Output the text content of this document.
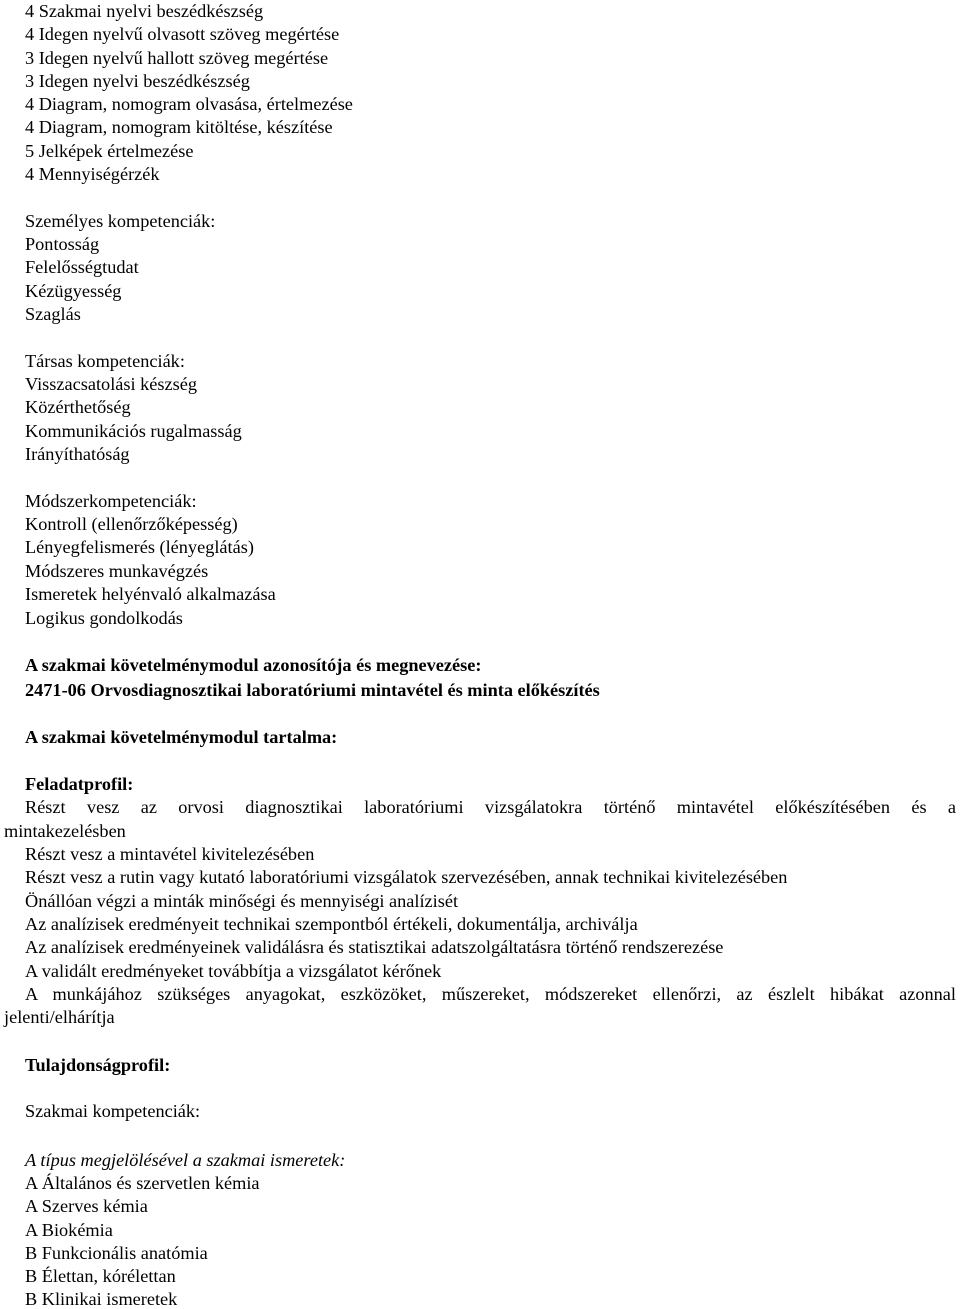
4 Szakmai nyelvi beszédkészség
4 Idegen nyelvű olvasott szöveg megértése
3 Idegen nyelvű hallott szöveg megértése
3 Idegen nyelvi beszédkészség
4 Diagram, nomogram olvasása, értelmezése
4 Diagram, nomogram kitöltése, készítése
5 Jelképek értelmezése
4 Mennyiségérzék
Személyes kompetenciák:
Pontosság
Felelősségtudat
Kézügyesség
Szaglás
Társas kompetenciák:
Visszacsatolási készség
Közérthetőség
Kommunikációs rugalmasság
Irányíthatóság
Módszerkompetenciák:
Kontroll (ellenőrzőképesség)
Lényegfelismerés (lényeglátás)
Módszeres munkavégzés
Ismeretek helyénvaló alkalmazása
Logikus gondolkodás
A szakmai követelménymodul azonosítója és megnevezése:
2471-06 Orvosdiagnosztikai laboratóriumi mintavétel és minta előkészítés
A szakmai követelménymodul tartalma:
Feladatprofil:
Részt vesz az orvosi diagnosztikai laboratóriumi vizsgálatokra történő mintavétel előkészítésében és a
mintakezelésben
Részt vesz a mintavétel kivitelezésében
Részt vesz a rutin vagy kutató laboratóriumi vizsgálatok szervezésében, annak technikai kivitelezésében
Önállóan végzi a minták minőségi és mennyiségi analízisét
Az analízisek eredményeit technikai szempontból értékeli, dokumentálja, archiválja
Az analízisek eredményeinek validálásra és statisztikai adatszolgáltatásra történő rendszerezése
A validált eredményeket továbbítja a vizsgálatot kérőnek
A munkájához szükséges anyagokat, eszközöket, műszereket, módszereket ellenőrzi, az észlelt hibákat azonnal
jelenti/elhárítja
Tulajdonságprofil:
Szakmai kompetenciák:
A típus megjelölésével a szakmai ismeretek:
A Általános és szervetlen kémia
A Szerves kémia
A Biokémia
B Funkcionális anatómia
B Élettan, kórélettan
B Klinikai ismeretek
